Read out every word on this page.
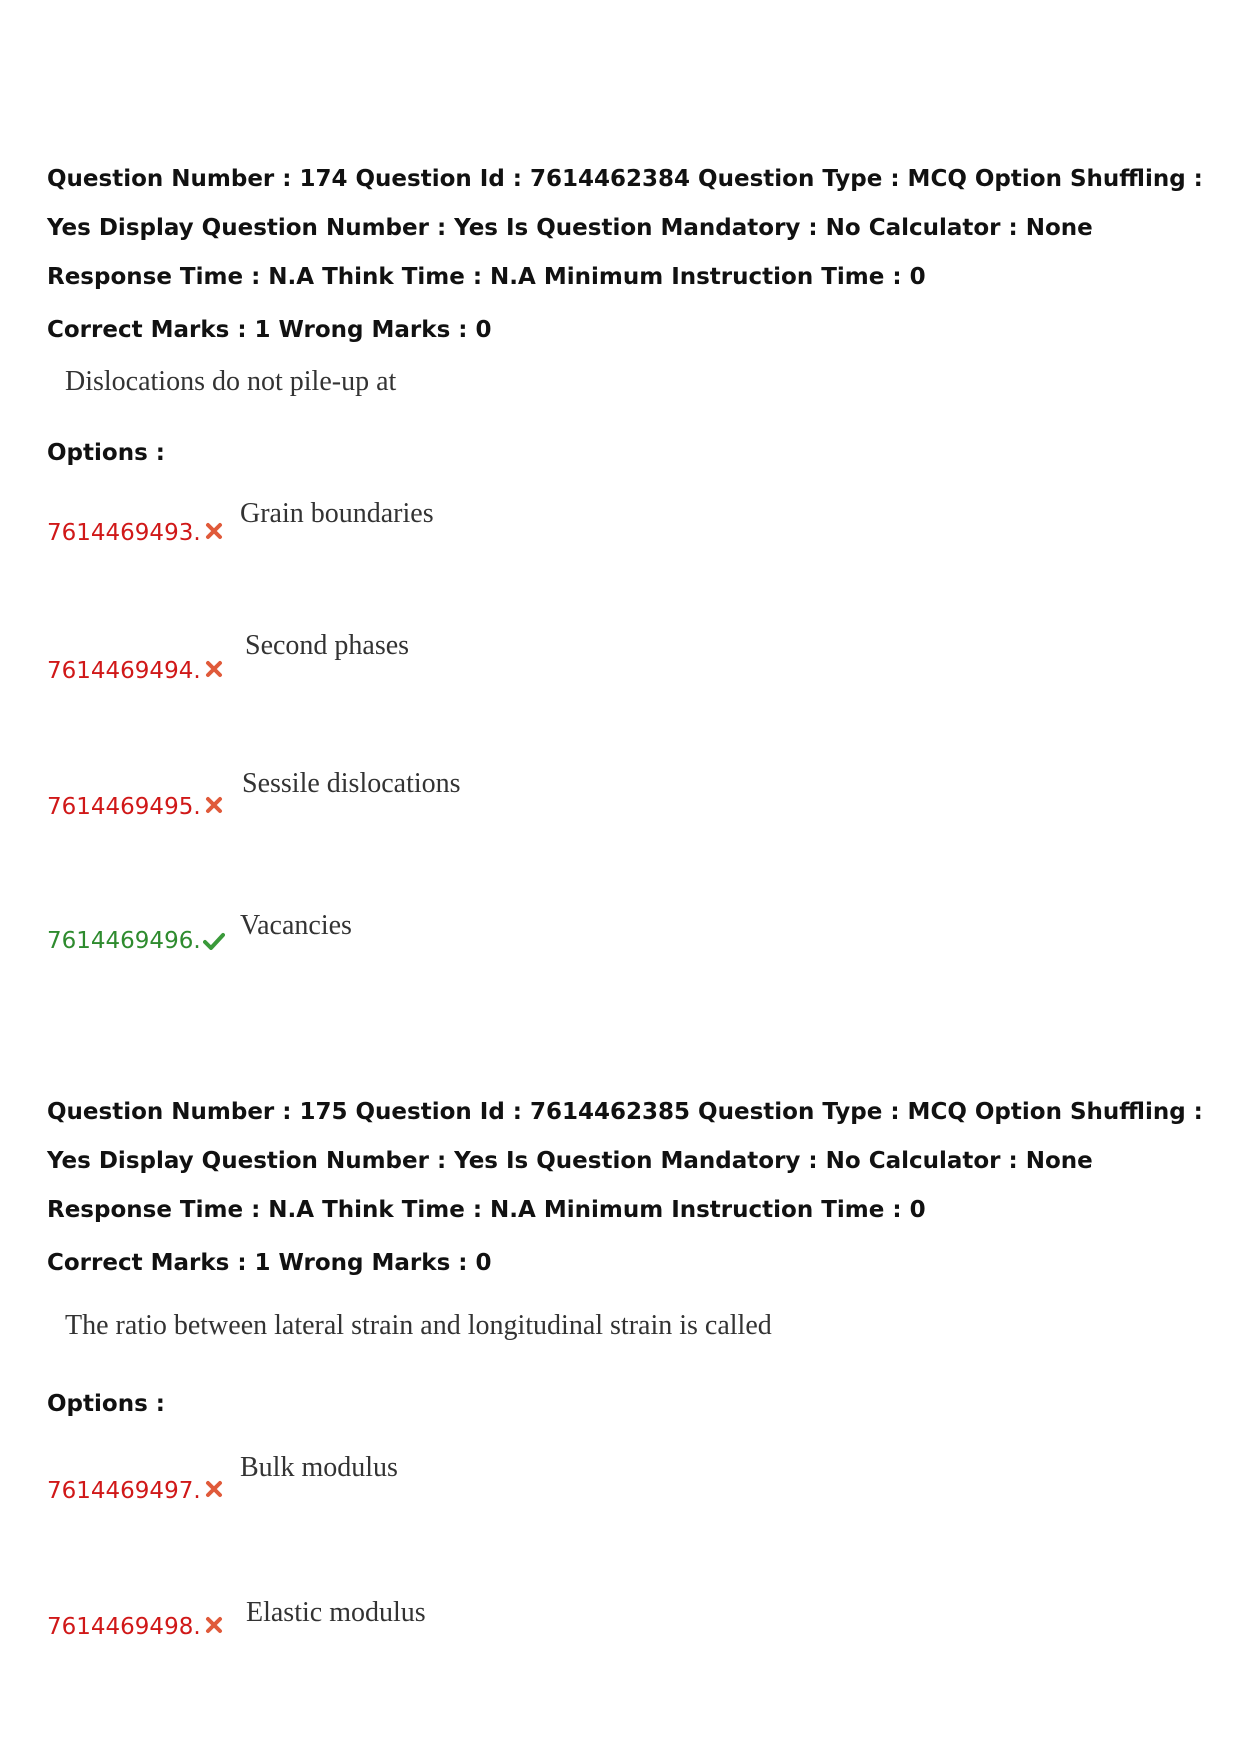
Question Number : 174 Question Id : 7614462384 Question Type : MCQ Option Shuffling : Yes Display Question Number : Yes Is Question Mandatory : No Calculator : None Response Time : N.A Think Time : N.A Minimum Instruction Time : 0
Correct Marks : 1 Wrong Marks : 0
Dislocations do not pile-up at
Options :
7614469493.
Grain boundaries
7614469494.
Second phases
7614469495.
Sessile dislocations
7614469496. Vacancies
Question Number : 175 Question Id : 7614462385 Question Type : MCQ Option Shuffling : Yes Display Question Number : Yes Is Question Mandatory : No Calculator : None Response Time : N.A Think Time : N.A Minimum Instruction Time : 0
Correct Marks : 1 Wrong Marks : 0
The ratio between lateral strain and longitudinal strain is called
Options :
7614469497.
Bulk modulus
7614469498. Elastic modulus
